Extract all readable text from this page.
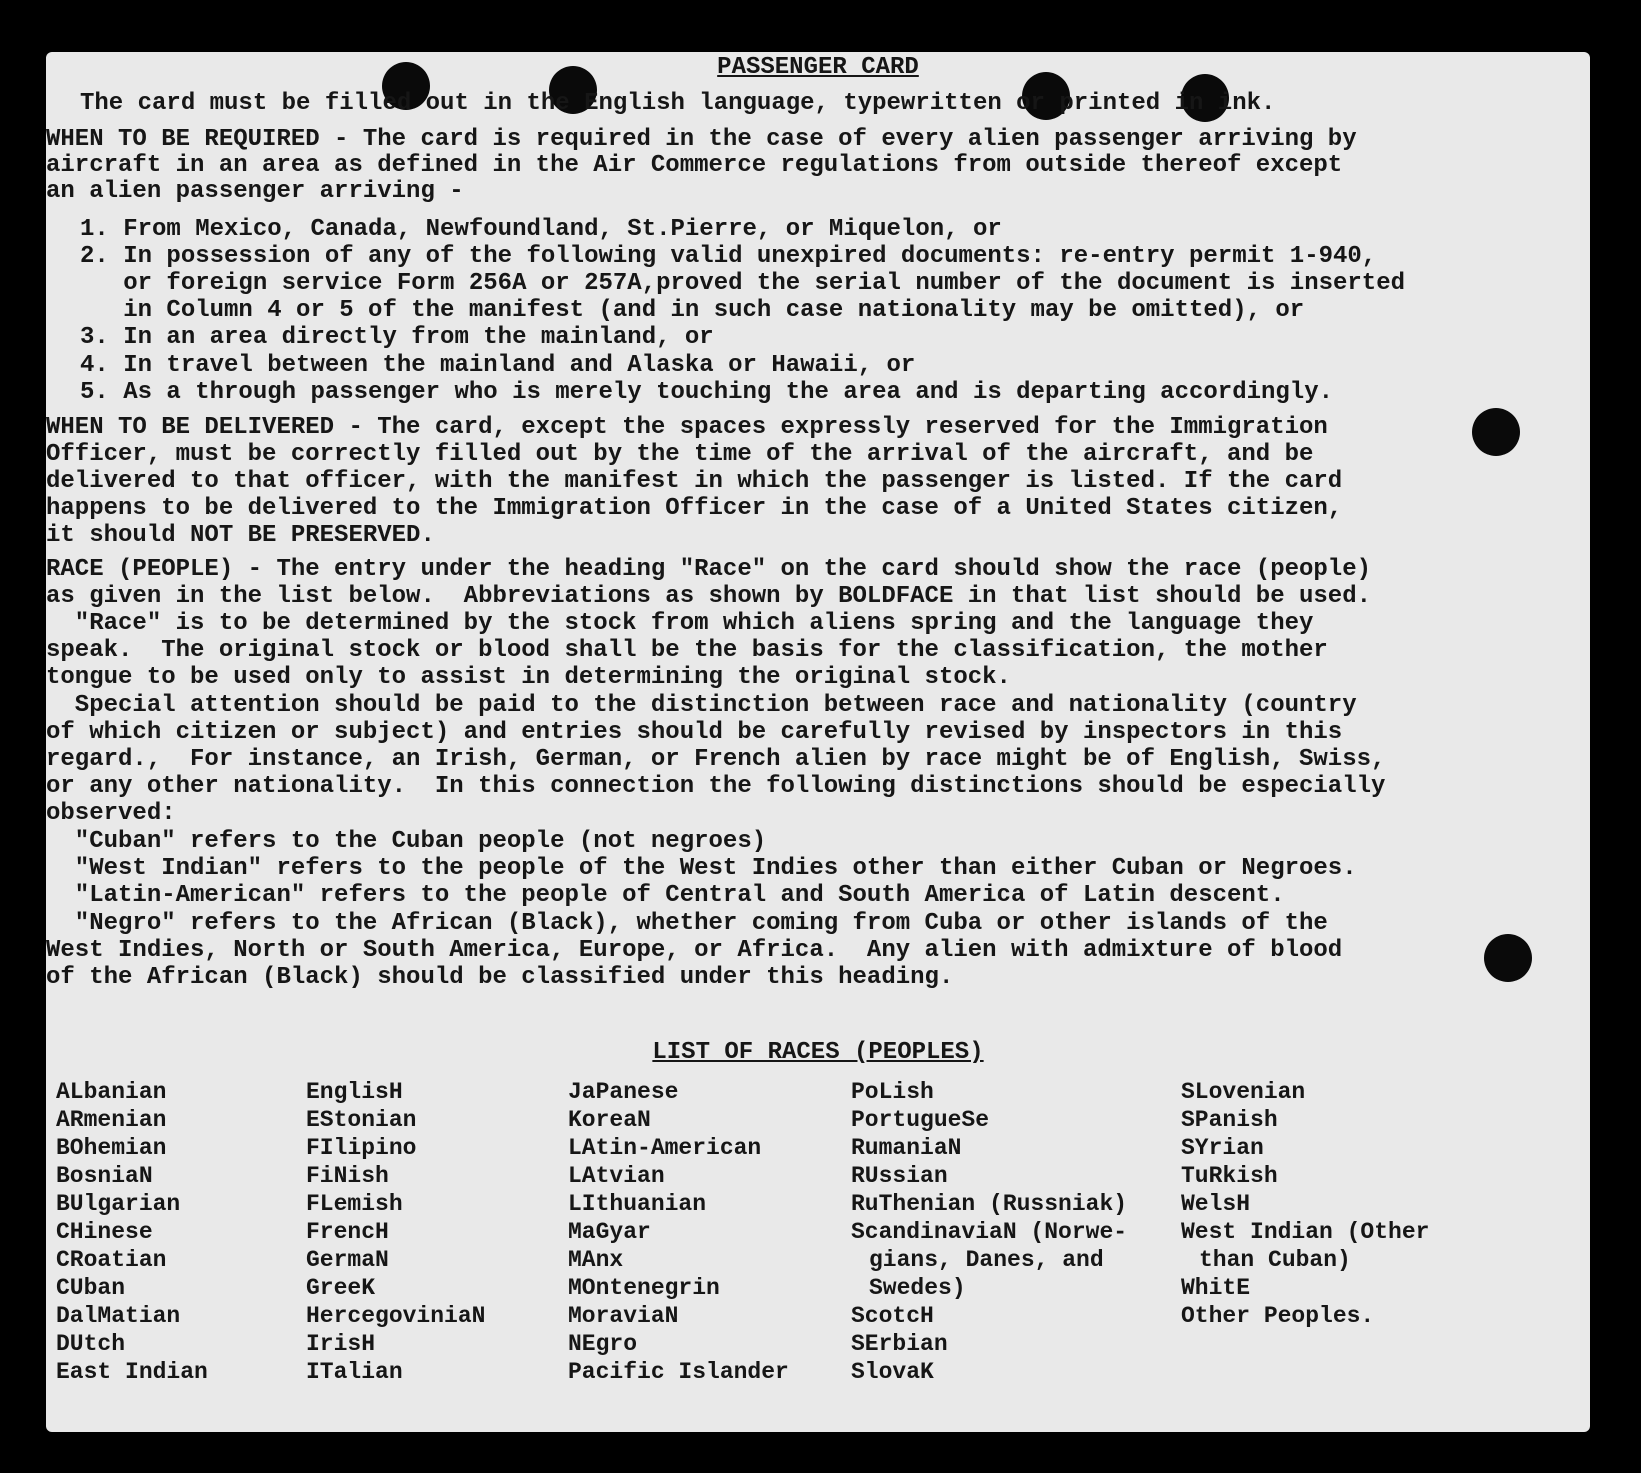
PASSENGER CARD
The card must be filled out in the English language, typewritten or printed in ink.
WHEN TO BE REQUIRED - The card is required in the case of every alien passenger arriving by
aircraft in an area as defined in the Air Commerce regulations from outside thereof except
an alien passenger arriving -
1. From Mexico, Canada, Newfoundland, St.Pierre, or Miquelon, or
2. In possession of any of the following valid unexpired documents: re-entry permit 1-940,
or foreign service Form 256A or 257A,proved the serial number of the document is inserted
in Column 4 or 5 of the manifest (and in such case nationality may be omitted), or
3. In an area directly from the mainland, or
4. In travel between the mainland and Alaska or Hawaii, or
5. As a through passenger who is merely touching the area and is departing accordingly.
WHEN TO BE DELIVERED - The card, except the spaces expressly reserved for the Immigration
Officer, must be correctly filled out by the time of the arrival of the aircraft, and be
delivered to that officer, with the manifest in which the passenger is listed. If the card
happens to be delivered to the Immigration Officer in the case of a United States citizen,
it should NOT BE PRESERVED.
RACE (PEOPLE) - The entry under the heading "Race" on the card should show the race (people)
as given in the list below.  Abbreviations as shown by BOLDFACE in that list should be used.
"Race" is to be determined by the stock from which aliens spring and the language they
speak.  The original stock or blood shall be the basis for the classification, the mother
tongue to be used only to assist in determining the original stock.
Special attention should be paid to the distinction between race and nationality (country
of which citizen or subject) and entries should be carefully revised by inspectors in this
regard.,  For instance, an Irish, German, or French alien by race might be of English, Swiss,
or any other nationality.  In this connection the following distinctions should be especially
observed:
"Cuban" refers to the Cuban people (not negroes)
"West Indian" refers to the people of the West Indies other than either Cuban or Negroes.
"Latin-American" refers to the people of Central and South America of Latin descent.
"Negro" refers to the African (Black), whether coming from Cuba or other islands of the
West Indies, North or South America, Europe, or Africa.  Any alien with admixture of blood
of the African (Black) should be classified under this heading.
LIST OF RACES (PEOPLES)
ALbanian
ARmenian
BOhemian
BosniaN
BUlgarian
CHinese
CRoatian
CUban
DalMatian
DUtch
East Indian
EnglisH
EStonian
FIlipino
FiNish
FLemish
FrencH
GermaN
GreeK
HercegoviniaN
IrisH
ITalian
JaPanese
KoreaN
LAtin-American
LAtvian
LIthuanian
MaGyar
MAnx
MOntenegrin
MoraviaN
NEgro
Pacific Islander
PoLish
PortugueSe
RumaniaN
RUssian
RuThenian (Russniak)
ScandinaviaN (Norwe-
gians, Danes, and
Swedes)
ScotcH
SErbian
SlovaK
SLovenian
SPanish
SYrian
TuRkish
WelsH
West Indian (Other
than Cuban)
WhitE
Other Peoples.
